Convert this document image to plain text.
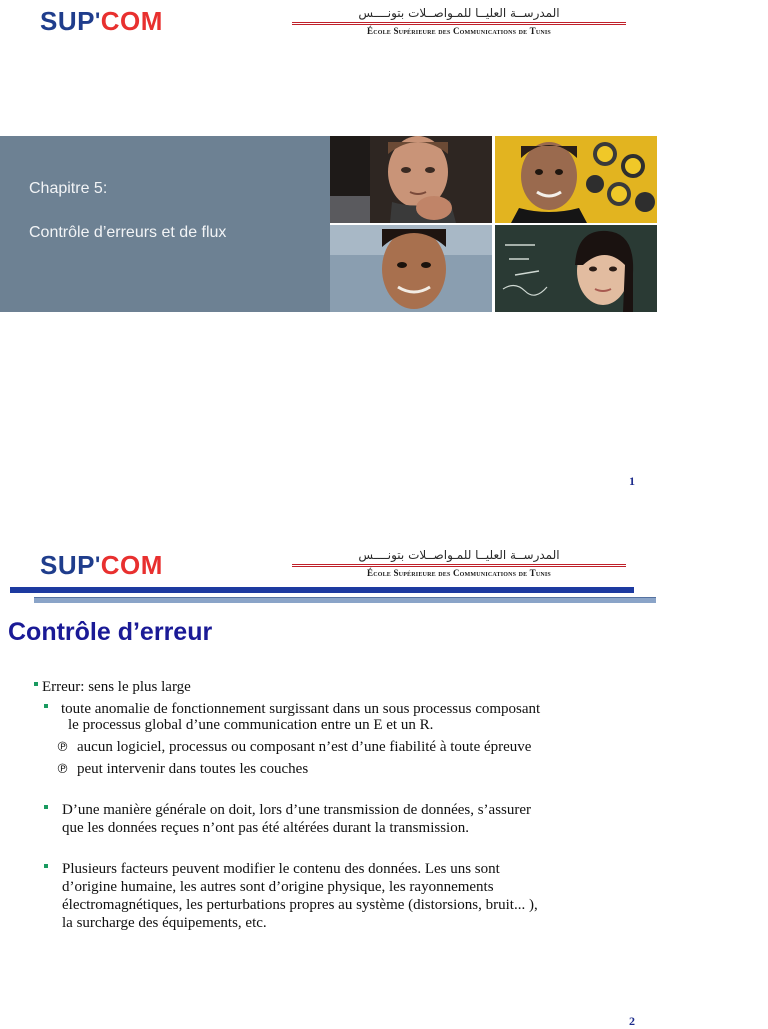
SUP'COM	المدرســة العليــا للمـواصــلات بتونــــس
École Supérieure des Communications de Tunis
Chapitre 5:
Contrôle d’erreurs et de flux
1
SUP'COM	المدرســة العليــا للمـواصــلات بتونــــس
École Supérieure des Communications de Tunis
Contrôle d’erreur
Erreur: sens le plus large
toute anomalie de fonctionnement surgissant dans un sous processus composant
le processus global d’une communication entre un E et un R.
℗ aucun logiciel, processus ou composant n’est d’une fiabilité à toute épreuve
℗ peut intervenir dans toutes les couches
D’une manière générale on doit, lors d’une transmission de données, s’assurer
que les données reçues n’ont pas été altérées durant la transmission.
Plusieurs facteurs peuvent modifier le contenu des données. Les uns sont
d’origine humaine, les autres sont d’origine physique, les rayonnements
électromagnétiques, les perturbations propres au système (distorsions, bruit... ),
la surcharge des équipements, etc.
2
